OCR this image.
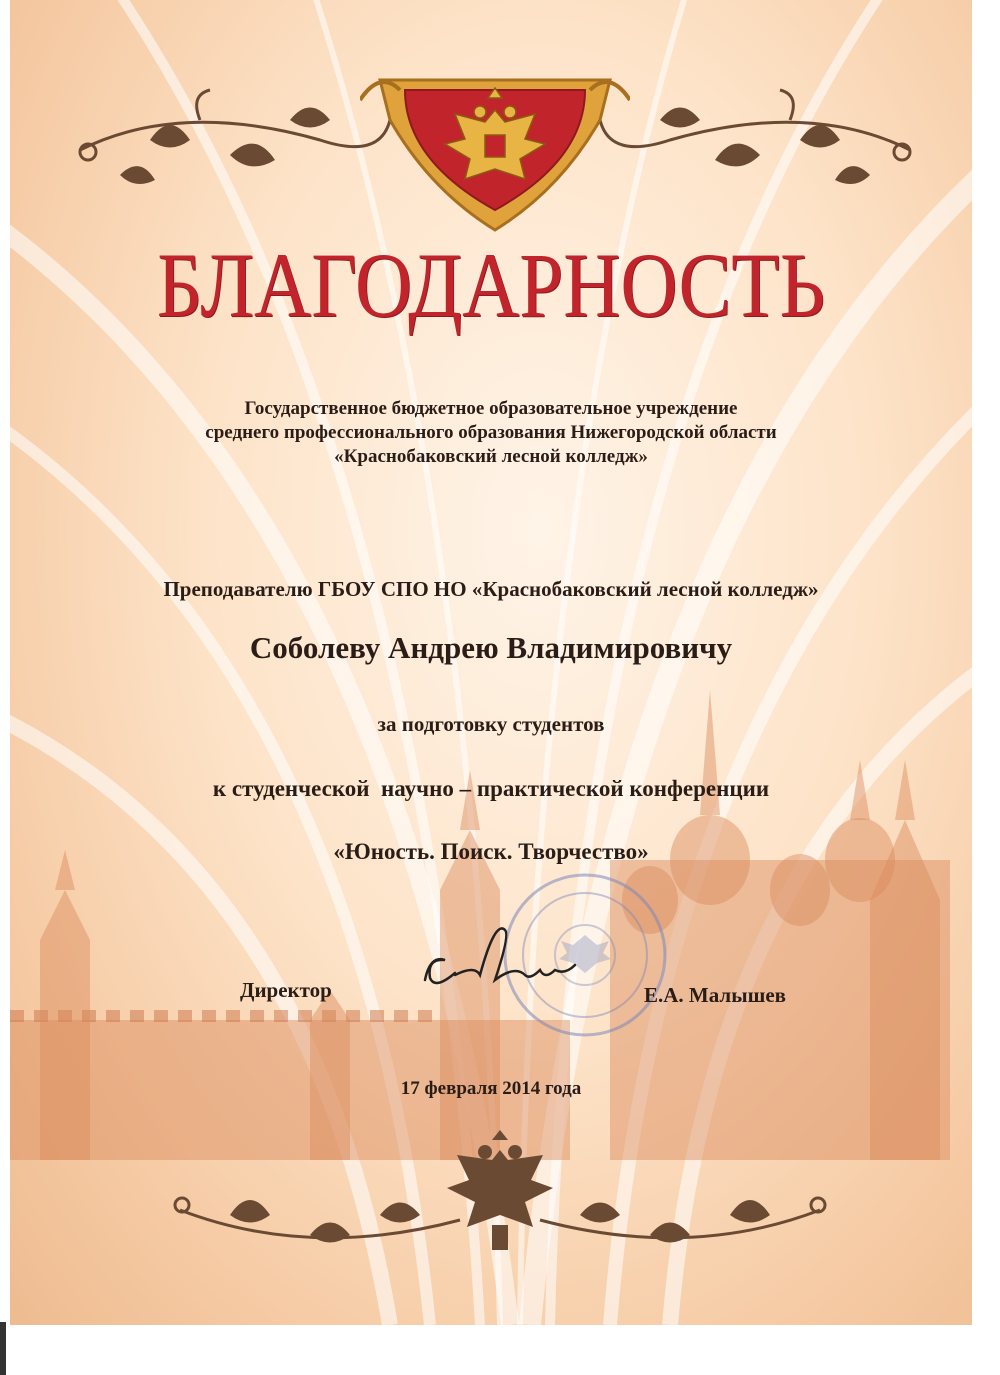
БЛАГОДАРНОСТЬ
Государственное бюджетное образовательное учреждение
среднего профессионального образования Нижегородской области
«Краснобаковский лесной колледж»
Преподавателю ГБОУ СПО НО «Краснобаковский лесной колледж»
Соболеву Андрею Владимировичу
за подготовку студентов
к студенческой  научно – практической конференции
«Юность. Поиск. Творчество»
Директор	Е.А. Малышев
17 февраля 2014 года
